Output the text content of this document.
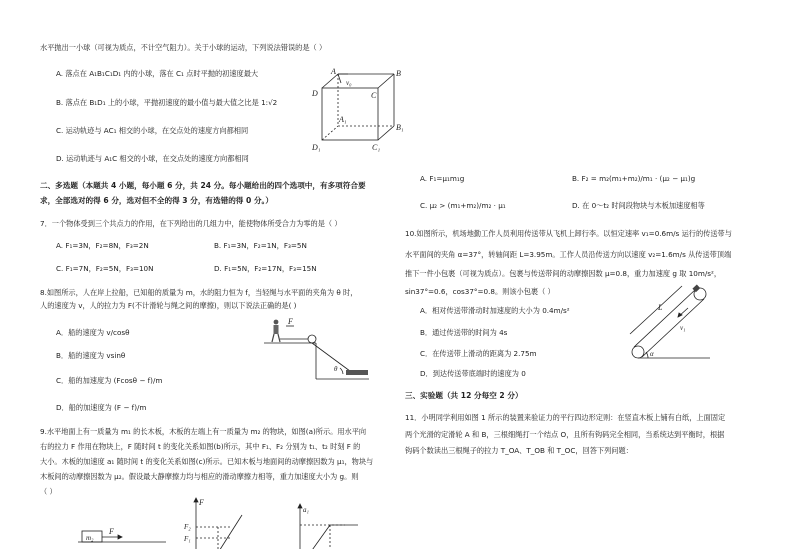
水平抛出一小球（可视为质点，不计空气阻力）。关于小球的运动，下列说法错误的是（ ）
A. 落点在 A₁B₁C₁D₁ 内的小球，落在 C₁ 点时平抛的初速度最大
B. 落点在 B₁D₁ 上的小球，平抛初速度的最小值与最大值之比是 1:√2
C. 运动轨迹与 AC₁ 相交的小球，在交点处的速度方向都相同
D. 运动轨迹与 A₁C 相交的小球，在交点处的速度方向都相同
A	B
C
D
A₁
B₁
C₁
D₁
v₀
二、多选题（本题共 4 小题，每小题 6 分，共 24 分。每小题给出的四个选项中，有多项符合要
求，全部选对的得 6 分，选对但不全的得 3 分，有选错的得 0 分。）
7．一个物体受到三个共点力的作用，在下列给出的几组力中，能使物体所受合力为零的是（ ）
A. F₁=3N，F₂=8N，F₃=2N	B. F₁=3N，F₂=1N，F₃=5N
C. F₁=7N，F₂=5N，F₃=10N	D. F₁=5N，F₂=17N，F₃=15N
8.如图所示，人在岸上拉船，已知船的质量为 m，水的阻力恒为 f，当轻绳与水平面的夹角为 θ 时，
人的速度为 v，人的拉力为 F(不计滑轮与绳之间的摩擦)，则以下说法正确的是( )
A．船的速度为 v/cosθ
B．船的速度为 vsinθ
C．船的加速度为 (Fcosθ − f)/m
D．船的加速度为 (F − f)/m
F
θ
9.水平地面上有一质量为 m₁ 的长木板，木板的左端上有一质量为 m₂ 的物块，如图(a)所示。用水平向
右的拉力 F 作用在物块上，F 随时间 t 的变化关系如图(b)所示，其中 F₁、F₂ 分别为 t₁、t₂ 时刻 F 的
大小。木板的加速度 a₁ 随时间 t 的变化关系如图(c)所示。已知木板与地面间的动摩擦因数为 μ₁，物块与
木板间的动摩擦因数为 μ₂。假设最大静摩擦力均与相应的滑动摩擦力相等，重力加速度大小为 g。则
（ ）
m₂
F
F
F₂
F₁
a₁
A. F₁=μ₁m₁g	B. F₂ = m₂(m₁+m₂)/m₁ · (μ₂ − μ₁)g
C. μ₂ > (m₁+m₂)/m₂ · μ₁	D. 在 0～t₂ 时间段物块与木板加速度相等
10.如图所示，机场地勤工作人员利用传送带从飞机上卸行李。以恒定速率 v₁=0.6m/s 运行的传送带与
水平面间的夹角 α=37°，转轴间距 L=3.95m。工作人员沿传送方向以速度 v₂=1.6m/s 从传送带顶端
推下一件小包裹（可视为质点）。包裹与传送带间的动摩擦因数 μ=0.8，重力加速度 g 取 10m/s²，
sin37°=0.6，cos37°=0.8。则该小包裹（ ）
A．相对传送带滑动时加速度的大小为 0.4m/s²
B．通过传送带的时间为 4s
C．在传送带上滑动的距离为 2.75m
D．到达传送带底端时的速度为 0
v₁
L
α
三、实验题（共 12 分每空 2 分）
11．小明同学利用如图 1 所示的装置来验证力的平行四边形定则：在竖直木板上铺有白纸，上面固定
两个光滑的定滑轮 A 和 B，三根细绳打一个结点 O，且所有钩码完全相同，当系统达到平衡时，根据
钩码个数读出三根绳子的拉力 T_OA、T_OB 和 T_OC，回答下列问题：
